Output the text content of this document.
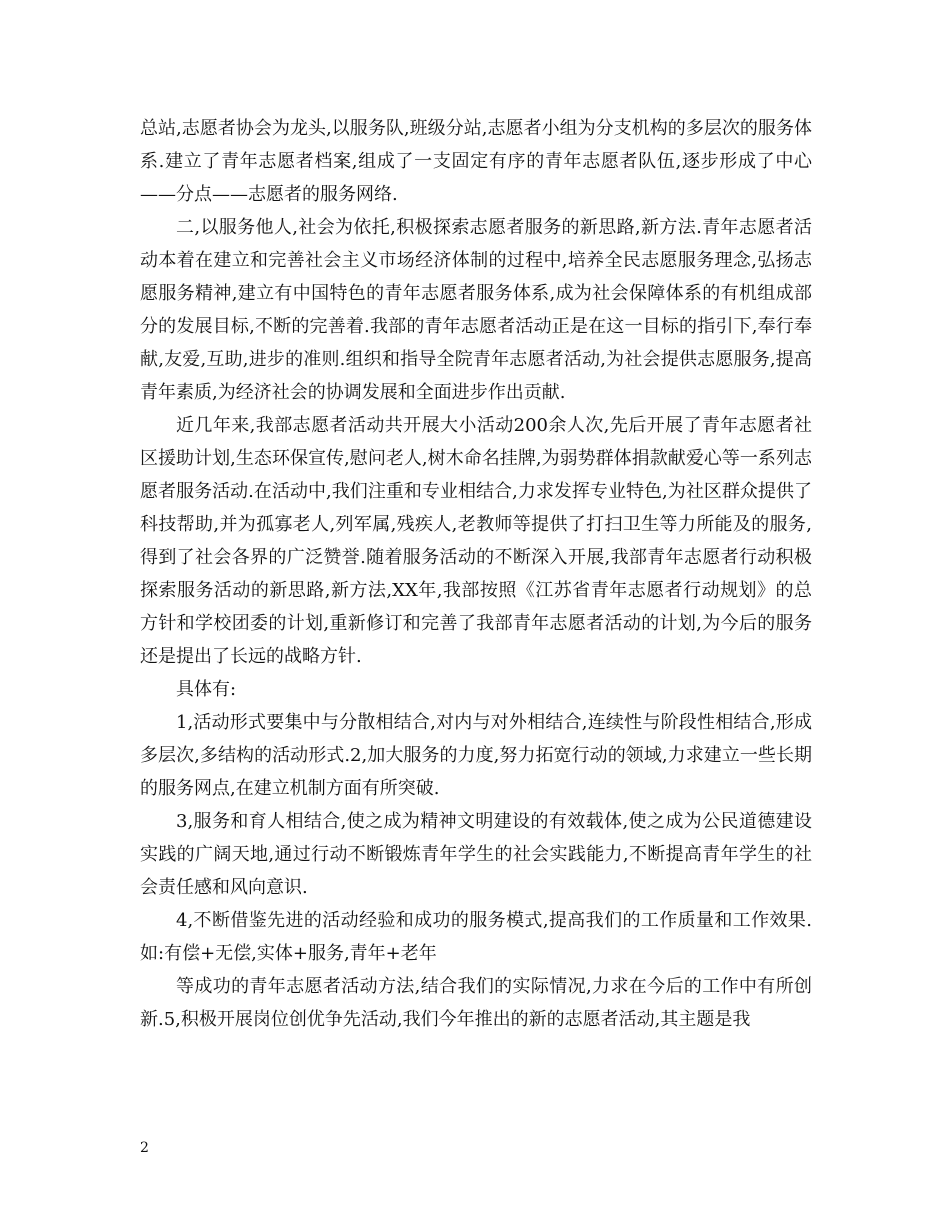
总站,志愿者协会为龙头,以服务队,班级分站,志愿者小组为分支机构的多层次的服务体系.建立了青年志愿者档案,组成了一支固定有序的青年志愿者队伍,逐步形成了中心——分点——志愿者的服务网络.

二,以服务他人,社会为依托,积极探索志愿者服务的新思路,新方法.青年志愿者活动本着在建立和完善社会主义市场经济体制的过程中,培养全民志愿服务理念,弘扬志愿服务精神,建立有中国特色的青年志愿者服务体系,成为社会保障体系的有机组成部分的发展目标,不断的完善着.我部的青年志愿者活动正是在这一目标的指引下,奉行奉献,友爱,互助,进步的准则.组织和指导全院青年志愿者活动,为社会提供志愿服务,提高青年素质,为经济社会的协调发展和全面进步作出贡献.

近几年来,我部志愿者活动共开展大小活动200余人次,先后开展了青年志愿者社区援助计划,生态环保宣传,慰问老人,树木命名挂牌,为弱势群体捐款献爱心等一系列志愿者服务活动.在活动中,我们注重和专业相结合,力求发挥专业特色,为社区群众提供了科技帮助,并为孤寡老人,列军属,残疾人,老教师等提供了打扫卫生等力所能及的服务,得到了社会各界的广泛赞誉.随着服务活动的不断深入开展,我部青年志愿者行动积极探索服务活动的新思路,新方法,XX年,我部按照《江苏省青年志愿者行动规划》的总方针和学校团委的计划,重新修订和完善了我部青年志愿者活动的计划,为今后的服务还是提出了长远的战略方针.

具体有:

1,活动形式要集中与分散相结合,对内与对外相结合,连续性与阶段性相结合,形成多层次,多结构的活动形式.2,加大服务的力度,努力拓宽行动的领域,力求建立一些长期的服务网点,在建立机制方面有所突破.

3,服务和育人相结合,使之成为精神文明建设的有效载体,使之成为公民道德建设实践的广阔天地,通过行动不断锻炼青年学生的社会实践能力,不断提高青年学生的社会责任感和风向意识.

4,不断借鉴先进的活动经验和成功的服务模式,提高我们的工作质量和工作效果.如:有偿+无偿,实体+服务,青年+老年

等成功的青年志愿者活动方法,结合我们的实际情况,力求在今后的工作中有所创新.5,积极开展岗位创优争先活动,我们今年推出的新的志愿者活动,其主题是我

2
